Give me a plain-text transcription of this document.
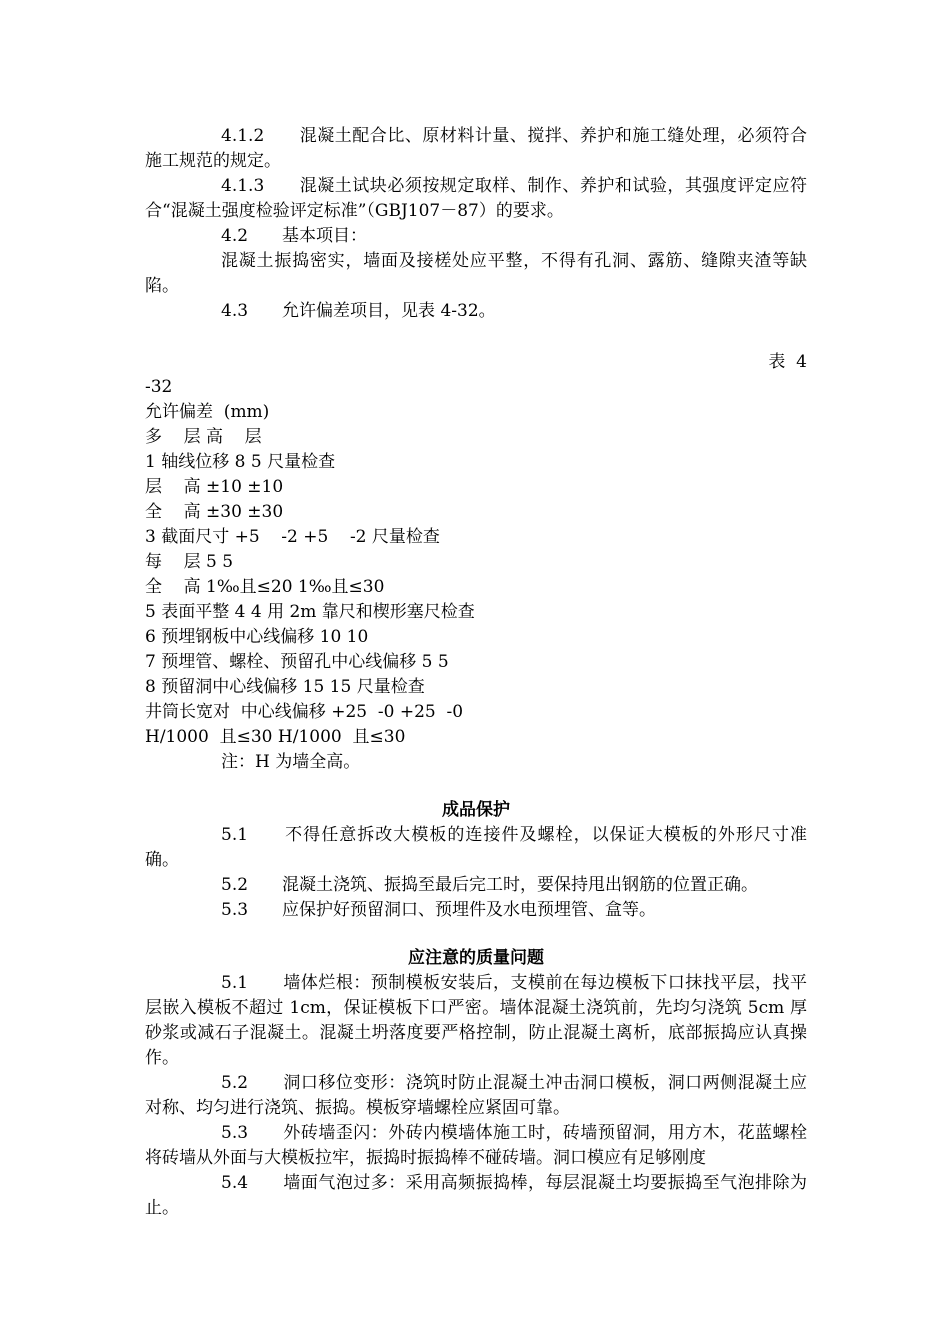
4.1.2　　混凝土配合比、原材料计量、搅拌、养护和施工缝处理，必须符合施工规范的规定。
4.1.3　　混凝土试块必须按规定取样、制作、养护和试验，其强度评定应符合“混凝土强度检验评定标准”（GBJ107－87）的要求。
4.2　　基本项目：
混凝土振捣密实，墙面及接槎处应平整，不得有孔洞、露筋、缝隙夹渣等缺陷。
4.3　　允许偏差项目，见表 4-32。
表  4
-32
允许偏差  (mm)
多    层 高    层
1 轴线位移 8 5 尺量检查
层    高 ±10 ±10
全    高 ±30 ±30
3 截面尺寸 +5    -2 +5    -2 尺量检查
每    层 5 5
全    高 1‰且≤20 1‰且≤30
5 表面平整 4 4 用 2m 靠尺和楔形塞尺检查
6 预埋钢板中心线偏移 10 10
7 预埋管、螺栓、预留孔中心线偏移 5 5
8 预留洞中心线偏移 15 15 尺量检查
井筒长宽对  中心线偏移 +25  -0 +25  -0
H/1000  且≤30 H/1000  且≤30
注：H 为墙全高。
成品保护
5.1　　不得任意拆改大模板的连接件及螺栓，以保证大模板的外形尺寸准确。
5.2　　混凝土浇筑、振捣至最后完工时，要保持甩出钢筋的位置正确。
5.3　　应保护好预留洞口、预埋件及水电预埋管、盒等。
应注意的质量问题
5.1　　墙体烂根：预制模板安装后，支模前在每边模板下口抹找平层，找平层嵌入模板不超过 1cm，保证模板下口严密。墙体混凝土浇筑前，先均匀浇筑 5cm 厚砂浆或减石子混凝土。混凝土坍落度要严格控制，防止混凝土离析，底部振捣应认真操作。
5.2　　洞口移位变形：浇筑时防止混凝土冲击洞口模板，洞口两侧混凝土应对称、均匀进行浇筑、振捣。模板穿墙螺栓应紧固可靠。
5.3　　外砖墙歪闪：外砖内模墙体施工时，砖墙预留洞，用方木，花蓝螺栓将砖墙从外面与大模板拉牢，振捣时振捣棒不碰砖墙。洞口模应有足够刚度
5.4　　墙面气泡过多：采用高频振捣棒，每层混凝土均要振捣至气泡排除为止。
